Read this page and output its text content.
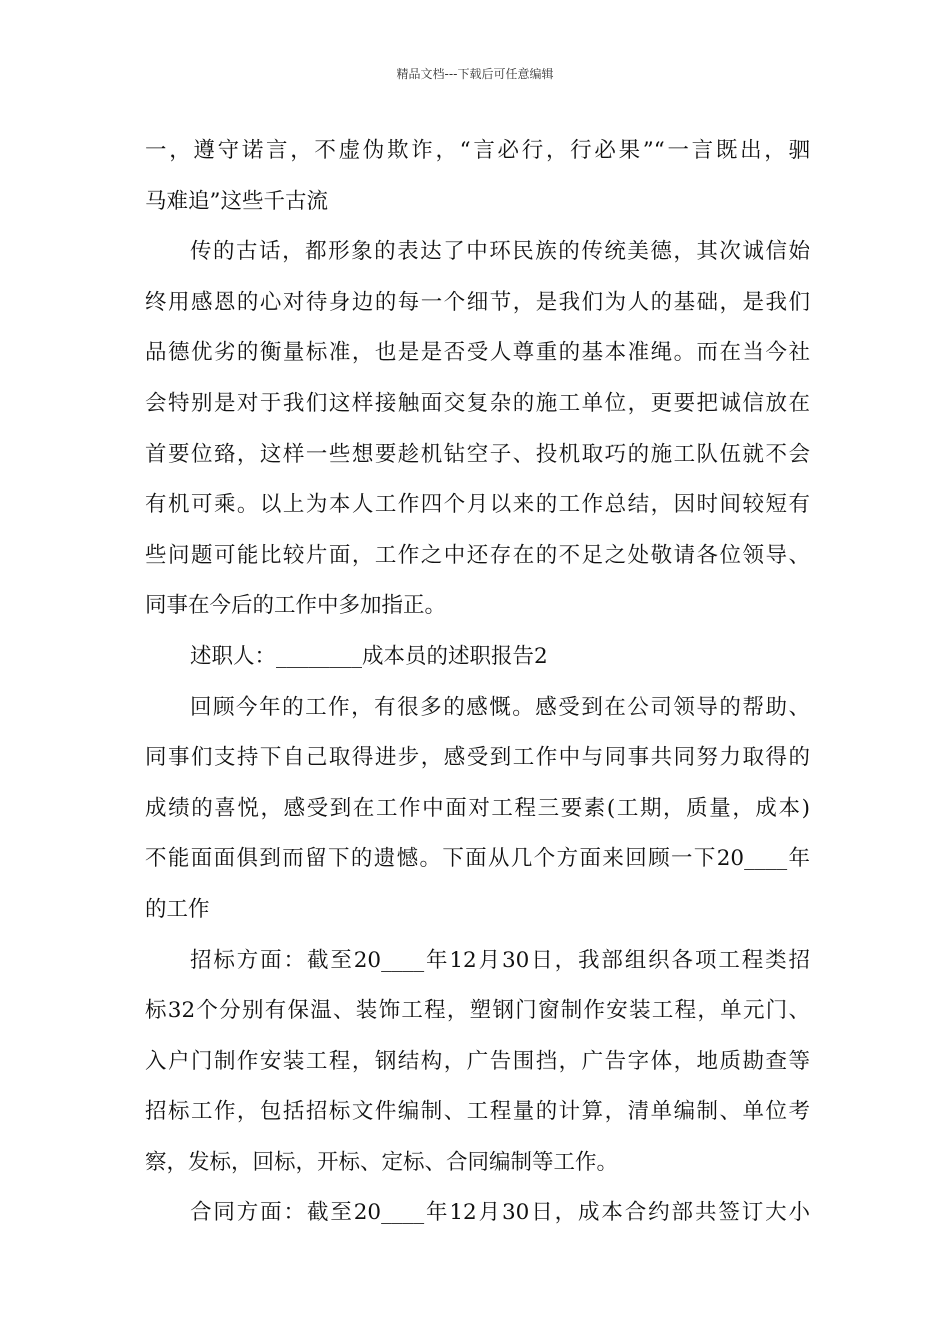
精品文档---下载后可任意编辑
一，遵守诺言，不虚伪欺诈，“言必行，行必果”“一言既出，驷
马难追”这些千古流
传的古话，都形象的表达了中环民族的传统美德，其次诚信始
终用感恩的心对待身边的每一个细节，是我们为人的基础，是我们
品德优劣的衡量标准，也是是否受人尊重的基本准绳。而在当今社
会特别是对于我们这样接触面交复杂的施工单位，更要把诚信放在
首要位臵，这样一些想要趁机钻空子、投机取巧的施工队伍就不会
有机可乘。以上为本人工作四个月以来的工作总结，因时间较短有
些问题可能比较片面，工作之中还存在的不足之处敬请各位领导、
同事在今后的工作中多加指正。
述职人：________成本员的述职报告2
回顾今年的工作，有很多的感慨。感受到在公司领导的帮助、
同事们支持下自己取得进步，感受到工作中与同事共同努力取得的
成绩的喜悦，感受到在工作中面对工程三要素(工期，质量，成本)
不能面面俱到而留下的遗憾。下面从几个方面来回顾一下20____年
的工作
招标方面：截至20____年12月30日，我部组织各项工程类招
标32个分别有保温、装饰工程，塑钢门窗制作安装工程，单元门、
入户门制作安装工程，钢结构，广告围挡，广告字体，地质勘查等
招标工作，包括招标文件编制、工程量的计算，清单编制、单位考
察，发标，回标，开标、定标、合同编制等工作。
合同方面：截至20____年12月30日，成本合约部共签订大小
